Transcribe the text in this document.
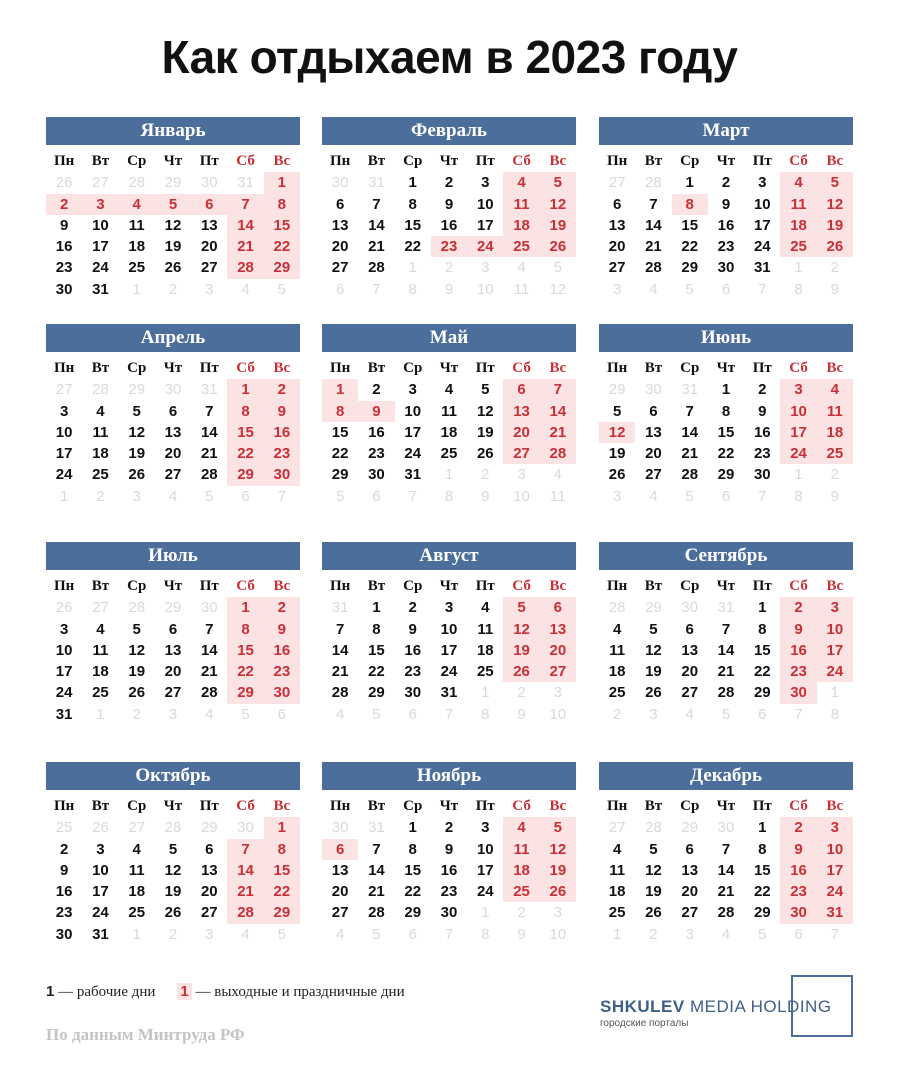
Как отдыхаем в 2023 году
Январь
Пн	Вт	Ср	Чт	Пт	Сб	Вс
26	27	28	29	30	31	1
2	3	4	5	6	7	8
9	10	11	12	13	14	15
16	17	18	19	20	21	22
23	24	25	26	27	28	29
30	31	1	2	3	4	5
Февраль
Пн	Вт	Ср	Чт	Пт	Сб	Вс
30	31	1	2	3	4	5
6	7	8	9	10	11	12
13	14	15	16	17	18	19
20	21	22	23	24	25	26
27	28	1	2	3	4	5
6	7	8	9	10	11	12
Март
Пн	Вт	Ср	Чт	Пт	Сб	Вс
27	28	1	2	3	4	5
6	7	8	9	10	11	12
13	14	15	16	17	18	19
20	21	22	23	24	25	26
27	28	29	30	31	1	2
3	4	5	6	7	8	9
Апрель
Пн	Вт	Ср	Чт	Пт	Сб	Вс
27	28	29	30	31	1	2
3	4	5	6	7	8	9
10	11	12	13	14	15	16
17	18	19	20	21	22	23
24	25	26	27	28	29	30
1	2	3	4	5	6	7
Май
Пн	Вт	Ср	Чт	Пт	Сб	Вс
1	2	3	4	5	6	7
8	9	10	11	12	13	14
15	16	17	18	19	20	21
22	23	24	25	26	27	28
29	30	31	1	2	3	4
5	6	7	8	9	10	11
Июнь
Пн	Вт	Ср	Чт	Пт	Сб	Вс
29	30	31	1	2	3	4
5	6	7	8	9	10	11
12	13	14	15	16	17	18
19	20	21	22	23	24	25
26	27	28	29	30	1	2
3	4	5	6	7	8	9
Июль
Пн	Вт	Ср	Чт	Пт	Сб	Вс
26	27	28	29	30	1	2
3	4	5	6	7	8	9
10	11	12	13	14	15	16
17	18	19	20	21	22	23
24	25	26	27	28	29	30
31	1	2	3	4	5	6
Август
Пн	Вт	Ср	Чт	Пт	Сб	Вс
31	1	2	3	4	5	6
7	8	9	10	11	12	13
14	15	16	17	18	19	20
21	22	23	24	25	26	27
28	29	30	31	1	2	3
4	5	6	7	8	9	10
Сентябрь
Пн	Вт	Ср	Чт	Пт	Сб	Вс
28	29	30	31	1	2	3
4	5	6	7	8	9	10
11	12	13	14	15	16	17
18	19	20	21	22	23	24
25	26	27	28	29	30	1
2	3	4	5	6	7	8
Октябрь
Пн	Вт	Ср	Чт	Пт	Сб	Вс
25	26	27	28	29	30	1
2	3	4	5	6	7	8
9	10	11	12	13	14	15
16	17	18	19	20	21	22
23	24	25	26	27	28	29
30	31	1	2	3	4	5
Ноябрь
Пн	Вт	Ср	Чт	Пт	Сб	Вс
30	31	1	2	3	4	5
6	7	8	9	10	11	12
13	14	15	16	17	18	19
20	21	22	23	24	25	26
27	28	29	30	1	2	3
4	5	6	7	8	9	10
Декабрь
Пн	Вт	Ср	Чт	Пт	Сб	Вс
27	28	29	30	1	2	3
4	5	6	7	8	9	10
11	12	13	14	15	16	17
18	19	20	21	22	23	24
25	26	27	28	29	30	31
1	2	3	4	5	6	7
1 — рабочие дни 1 — выходные и праздничные дни
По данным Минтруда РФ
SHKULEV MEDIA HOLDING
городские порталы
